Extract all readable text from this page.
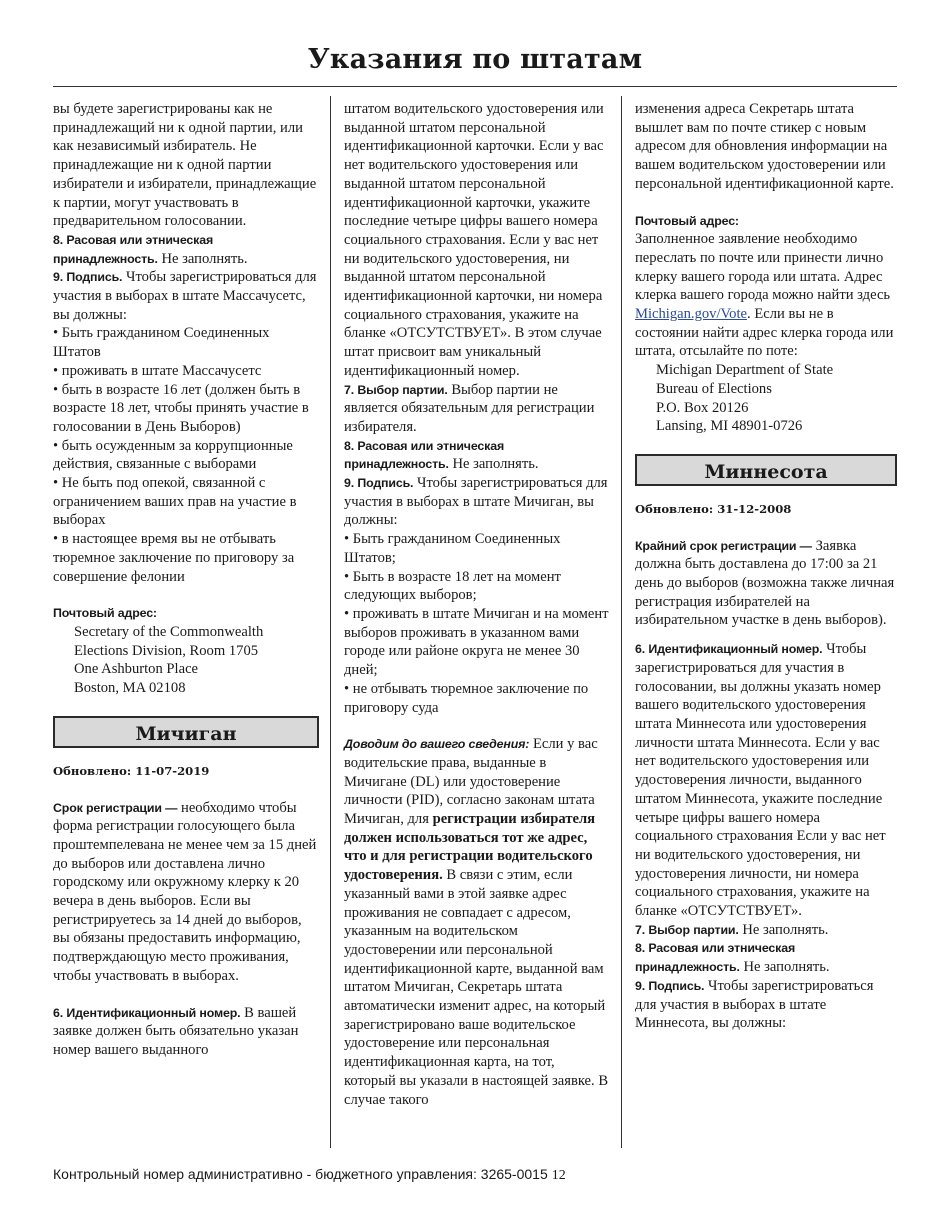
Указания по штатам

вы будете зарегистрированы как не принадлежащий ни к одной партии, или как независимый избиратель. Не принадлежащие ни к одной партии избиратели и избиратели, принадлежащие к партии, могут участвовать в предварительном голосовании.

8. Расовая или этническая принадлежность. Не заполнять.

9. Подпись. Чтобы зарегистрироваться для участия в выборах в штате Массачусетс, вы должны:

• Быть гражданином Соединенных Штатов

• проживать в штате Массачусетс

• быть в возрасте 16 лет (должен быть в возрасте 18 лет, чтобы принять участие в голосовании в День Выборов)

• быть осужденным за коррупционные действия, связанные с выборами

• Не быть под опекой, связанной с ограничением ваших прав на участие в выборах

• в настоящее время вы не отбывать тюремное заключение по приговору за совершение фелонии

Почтовый адрес:

Secretary of the Commonwealth

Elections Division, Room 1705

One Ashburton Place

Boston, MA 02108

Мичиган

Обновлено: 11-07-2019

Срок регистрации — необходимо чтобы форма регистрации голосующего была проштемпелевана не менее чем за 15 дней до выборов или доставлена лично городскому или окружному клерку к 20 вечера в день выборов. Если вы регистрируетесь за 14 дней до выборов, вы обязаны предоставить информацию, подтверждающую место проживания, чтобы участвовать в выборах.

6. Идентификационный номер. В вашей заявке должен быть обязательно указан номер вашего выданного

штатом водительского удостоверения или выданной штатом персональной идентификационной карточки. Если у вас нет водительского удостоверения или выданной штатом персональной идентификационной карточки, укажите последние четыре цифры вашего номера социального страхования. Если у вас нет ни водительского удостоверения, ни выданной штатом персональной идентификационной карточки, ни номера социального страхования, укажите на бланке «ОТСУТСТВУЕТ». В этом случае штат присвоит вам уникальный идентификационный номер.

7. Выбор партии. Выбор партии не является обязательным для регистрации избирателя.

8. Расовая или этническая принадлежность. Не заполнять.

9. Подпись. Чтобы зарегистрироваться для участия в выборах в штате Мичиган, вы должны:

• Быть гражданином Соединенных Штатов;

• Быть в возрасте 18 лет на момент следующих выборов;

• проживать в штате Мичиган и на момент выборов проживать в указанном вами городе или районе округа не менее 30 дней;

• не отбывать тюремное заключение по приговору суда

Доводим до вашего сведения: Если у вас водительские права, выданные в Мичигане (DL) или удостоверение личности (PID), согласно законам штата Мичиган, для регистрации избирателя должен использоваться тот же адрес, что и для регистрации водительского удостоверения. В связи с этим, если указанный вами в этой заявке адрес проживания не совпадает с адресом, указанным на водительском удостоверении или персональной идентификационной карте, выданной вам штатом Мичиган, Секретарь штата автоматически изменит адрес, на который зарегистрировано ваше водительское удостоверение или персональная идентификационная карта, на тот, который вы указали в настоящей заявке. В случае такого

изменения адреса Секретарь штата вышлет вам по почте стикер с новым адресом для обновления информации на вашем водительском удостоверении или персональной идентификационной карте.

Почтовый адрес:

Заполненное заявление необходимо переслать по почте или принести лично клерку вашего города или штата. Адрес клерка вашего города можно найти здесь Michigan.gov/Vote. Если вы не в состоянии найти адрес клерка города или штата, отсылайте по поте:

Michigan Department of State

Bureau of Elections

P.O. Box 20126

Lansing, MI 48901-0726

Миннесота

Обновлено: 31-12-2008

Крайний срок регистрации — Заявка должна быть доставлена до 17:00 за 21 день до выборов (возможна также личная регистрация избирателей на избирательном участке в день выборов).

6. Идентификационный номер. Чтобы зарегистрироваться для участия в голосовании, вы должны указать номер вашего водительского удостоверения штата Миннесота или удостоверения личности штата Миннесота. Если у вас нет водительского удостоверения или удостоверения личности, выданного штатом Миннесота, укажите последние четыре цифры вашего номера социального страхования Если у вас нет ни водительского удостоверения, ни удостоверения личности, ни номера социального страхования, укажите на бланке «ОТСУТСТВУЕТ».

7. Выбор партии. Не заполнять.

8. Расовая или этническая принадлежность. Не заполнять.

9. Подпись. Чтобы зарегистрироваться для участия в выборах в штате Миннесота, вы должны:

Контрольный номер административно - бюджетного управления: 3265-0015 12
